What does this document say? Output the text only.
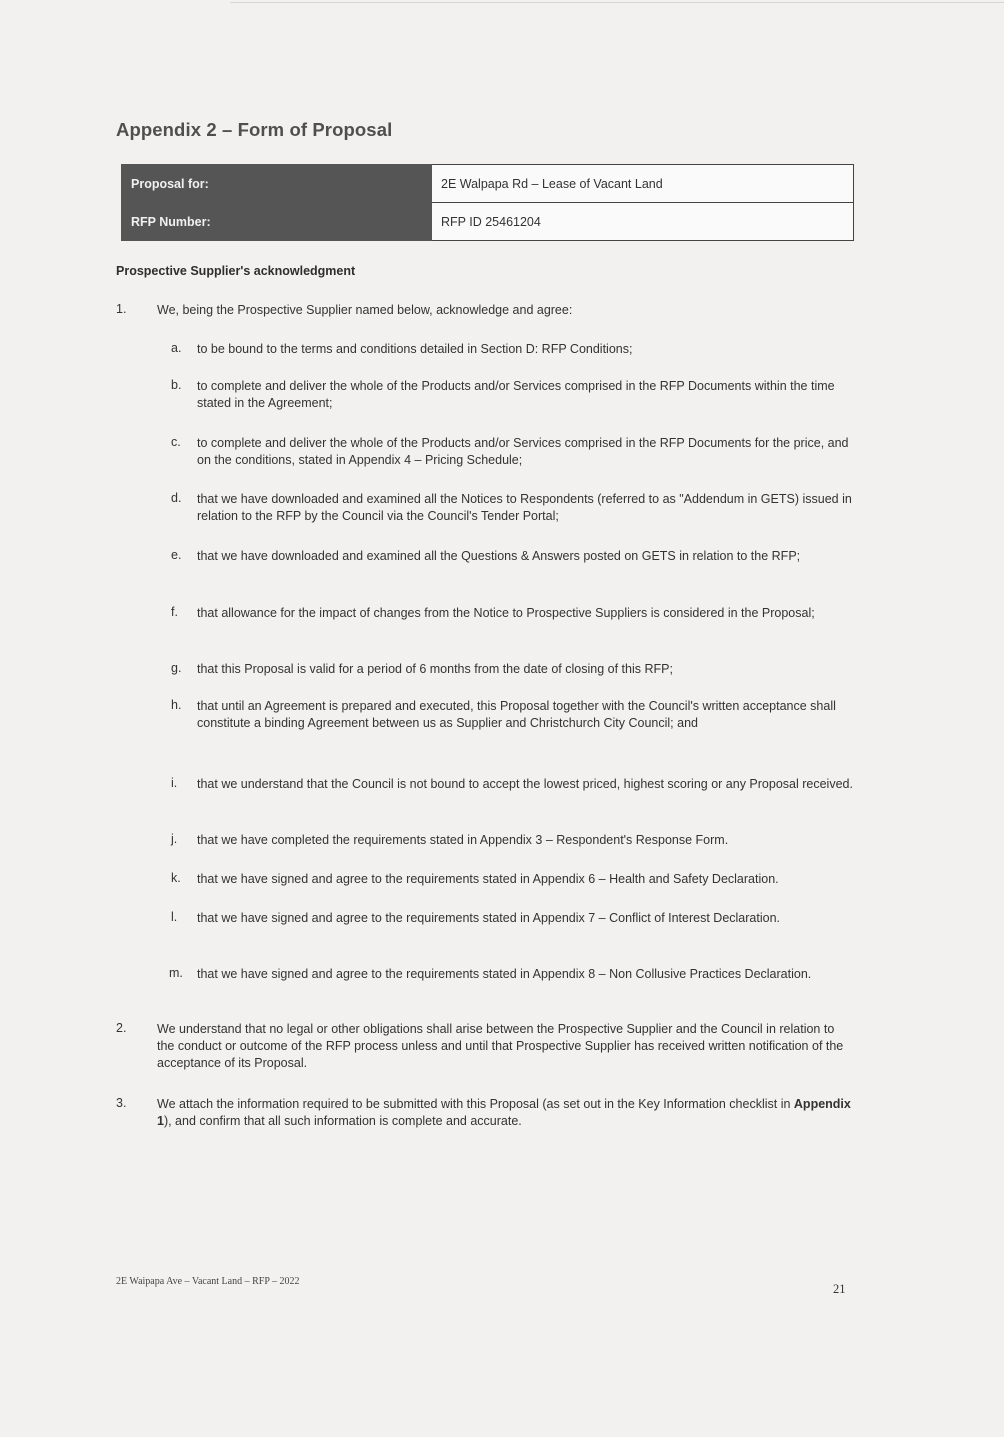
Appendix 2 – Form of Proposal
Proposal for:	2E Walpapa Rd – Lease of Vacant Land
RFP Number:	RFP ID 25461204
Prospective Supplier's acknowledgment
1. We, being the Prospective Supplier named below, acknowledge and agree:
a. to be bound to the terms and conditions detailed in Section D: RFP Conditions;
b. to complete and deliver the whole of the Products and/or Services comprised in the RFP Documents within the time stated in the Agreement;
c. to complete and deliver the whole of the Products and/or Services comprised in the RFP Documents for the price, and on the conditions, stated in Appendix 4 – Pricing Schedule;
d. that we have downloaded and examined all the Notices to Respondents (referred to as "Addendum in GETS) issued in relation to the RFP by the Council via the Council's Tender Portal;
e. that we have downloaded and examined all the Questions & Answers posted on GETS in relation to the RFP;
f. that allowance for the impact of changes from the Notice to Prospective Suppliers is considered in the Proposal;
g. that this Proposal is valid for a period of 6 months from the date of closing of this RFP;
h. that until an Agreement is prepared and executed, this Proposal together with the Council's written acceptance shall constitute a binding Agreement between us as Supplier and Christchurch City Council; and
i. that we understand that the Council is not bound to accept the lowest priced, highest scoring or any Proposal received.
j. that we have completed the requirements stated in Appendix 3 – Respondent's Response Form.
k. that we have signed and agree to the requirements stated in Appendix 6 – Health and Safety Declaration.
l. that we have signed and agree to the requirements stated in Appendix 7 – Conflict of Interest Declaration.
m. that we have signed and agree to the requirements stated in Appendix 8 – Non Collusive Practices Declaration.
2. We understand that no legal or other obligations shall arise between the Prospective Supplier and the Council in relation to the conduct or outcome of the RFP process unless and until that Prospective Supplier has received written notification of the acceptance of its Proposal.
3. We attach the information required to be submitted with this Proposal (as set out in the Key Information checklist in Appendix 1), and confirm that all such information is complete and accurate.
2E Waipapa Ave – Vacant Land – RFP – 2022
21
